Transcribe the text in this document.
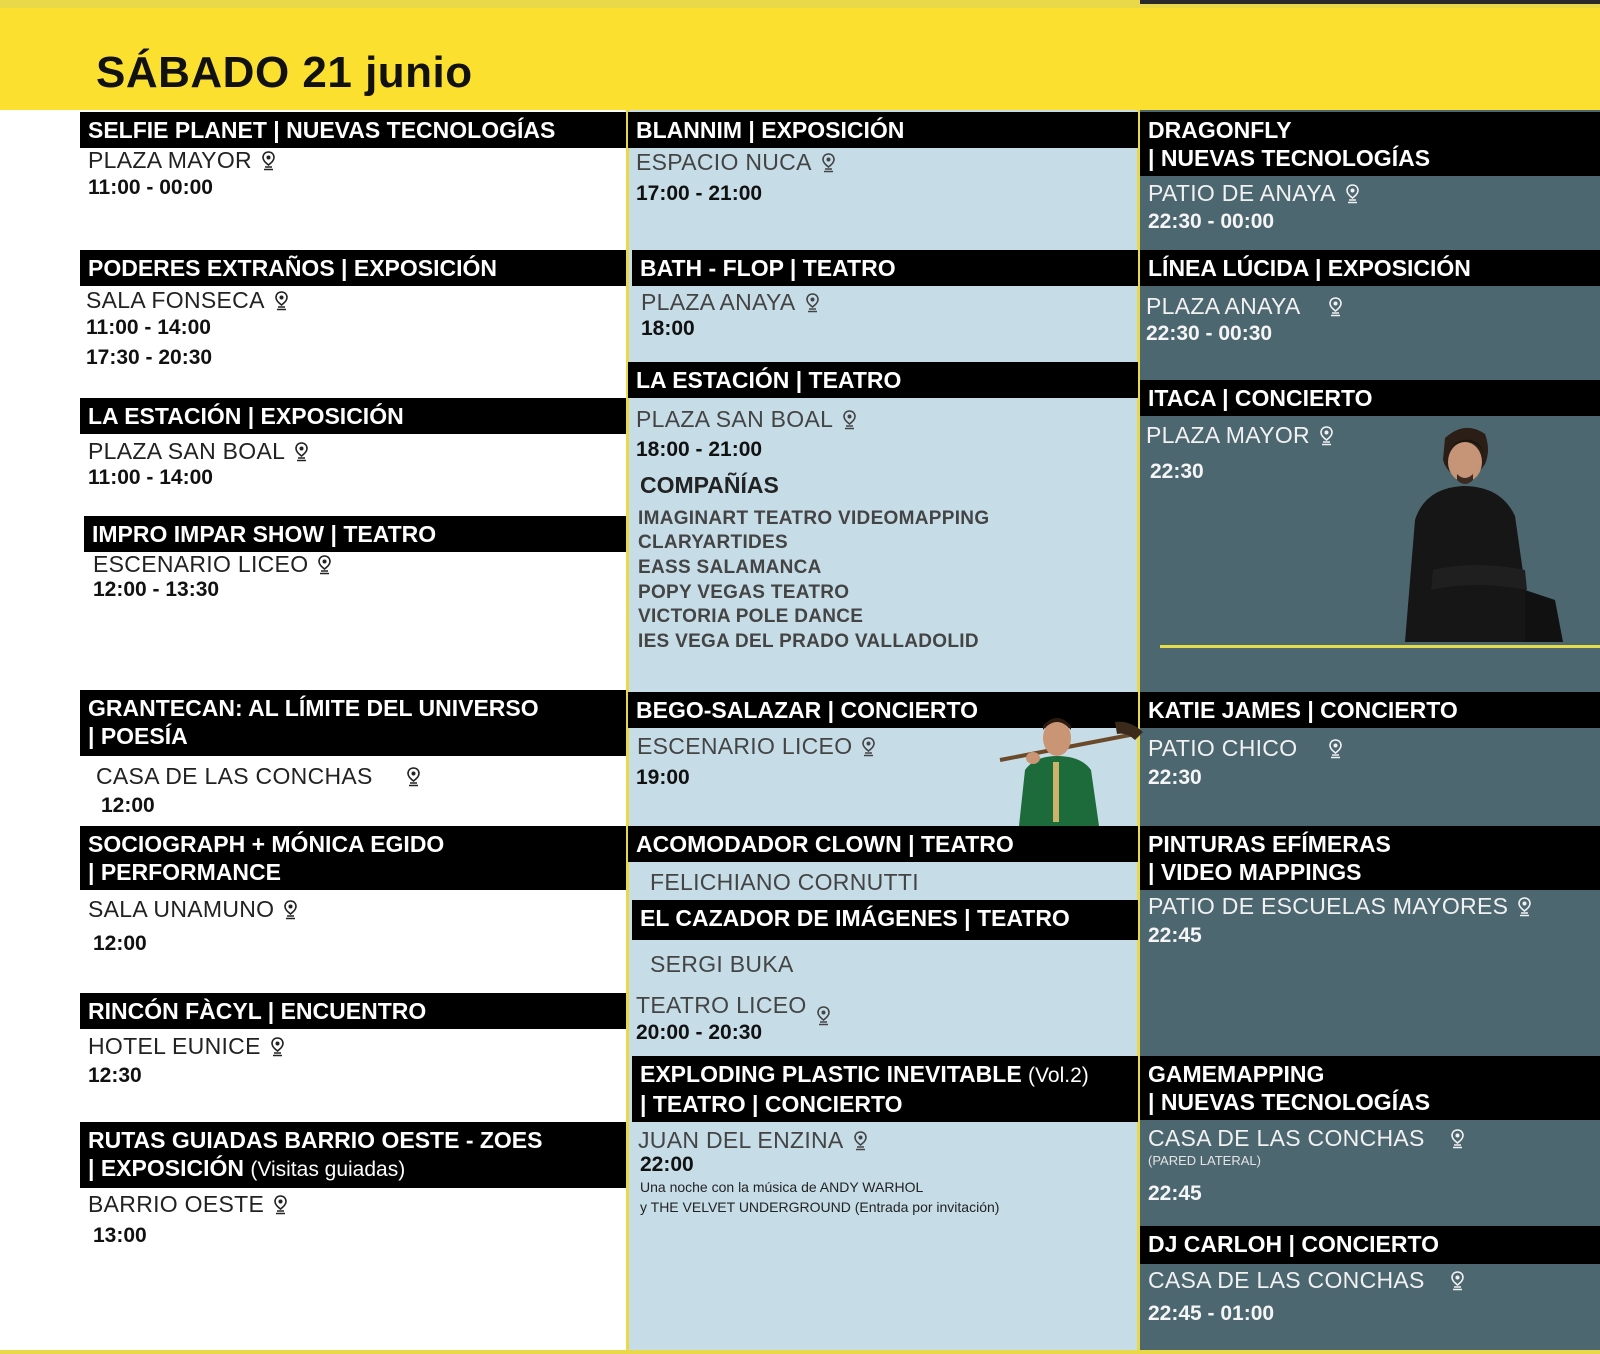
SÁBADO 21 junio
SELFIE PLANET | NUEVAS TECNOLOGÍAS
PLAZA MAYOR
11:00 - 00:00
PODERES EXTRAÑOS | EXPOSICIÓN
SALA FONSECA
11:00 - 14:00
17:30 - 20:30
LA ESTACIÓN | EXPOSICIÓN
PLAZA SAN BOAL
11:00 - 14:00
IMPRO IMPAR SHOW | TEATRO
ESCENARIO LICEO
12:00 - 13:30
GRANTECAN: AL LÍMITE DEL UNIVERSO
| POESÍA
CASA DE LAS CONCHAS
12:00
SOCIOGRAPH + MÓNICA EGIDO
| PERFORMANCE
SALA UNAMUNO
12:00
RINCÓN FÀCYL | ENCUENTRO
HOTEL EUNICE
12:30
RUTAS GUIADAS BARRIO OESTE - ZOES
| EXPOSICIÓN (Visitas guiadas)
BARRIO OESTE
13:00
BLANNIM | EXPOSICIÓN
ESPACIO NUCA
17:00 - 21:00
BATH - FLOP | TEATRO
PLAZA ANAYA
18:00
LA ESTACIÓN | TEATRO
PLAZA SAN BOAL
18:00 - 21:00
COMPAÑÍAS
IMAGINART TEATRO VIDEOMAPPING
CLARYARTIDES
EASS SALAMANCA
POPY VEGAS TEATRO
VICTORIA POLE DANCE
IES VEGA DEL PRADO VALLADOLID
BEGO-SALAZAR | CONCIERTO
ESCENARIO LICEO
19:00
ACOMODADOR CLOWN | TEATRO
FELICHIANO CORNUTTI
EL CAZADOR DE IMÁGENES | TEATRO
SERGI BUKA
TEATRO LICEO
20:00 - 20:30
EXPLODING PLASTIC INEVITABLE (Vol.2)
| TEATRO | CONCIERTO
JUAN DEL ENZINA
22:00
Una noche con la música de ANDY WARHOL
y THE VELVET UNDERGROUND (Entrada por invitación)
DRAGONFLY
| NUEVAS TECNOLOGÍAS
PATIO DE ANAYA
22:30 - 00:00
LÍNEA LÚCIDA | EXPOSICIÓN
PLAZA ANAYA
22:30 - 00:30
ITACA | CONCIERTO
PLAZA MAYOR
22:30
KATIE JAMES | CONCIERTO
PATIO CHICO
22:30
PINTURAS EFÍMERAS
| VIDEO MAPPINGS
PATIO DE ESCUELAS MAYORES
22:45
GAMEMAPPING
| NUEVAS TECNOLOGÍAS
CASA DE LAS CONCHAS
(PARED LATERAL)
22:45
DJ CARLOH | CONCIERTO
CASA DE LAS CONCHAS
22:45 - 01:00
